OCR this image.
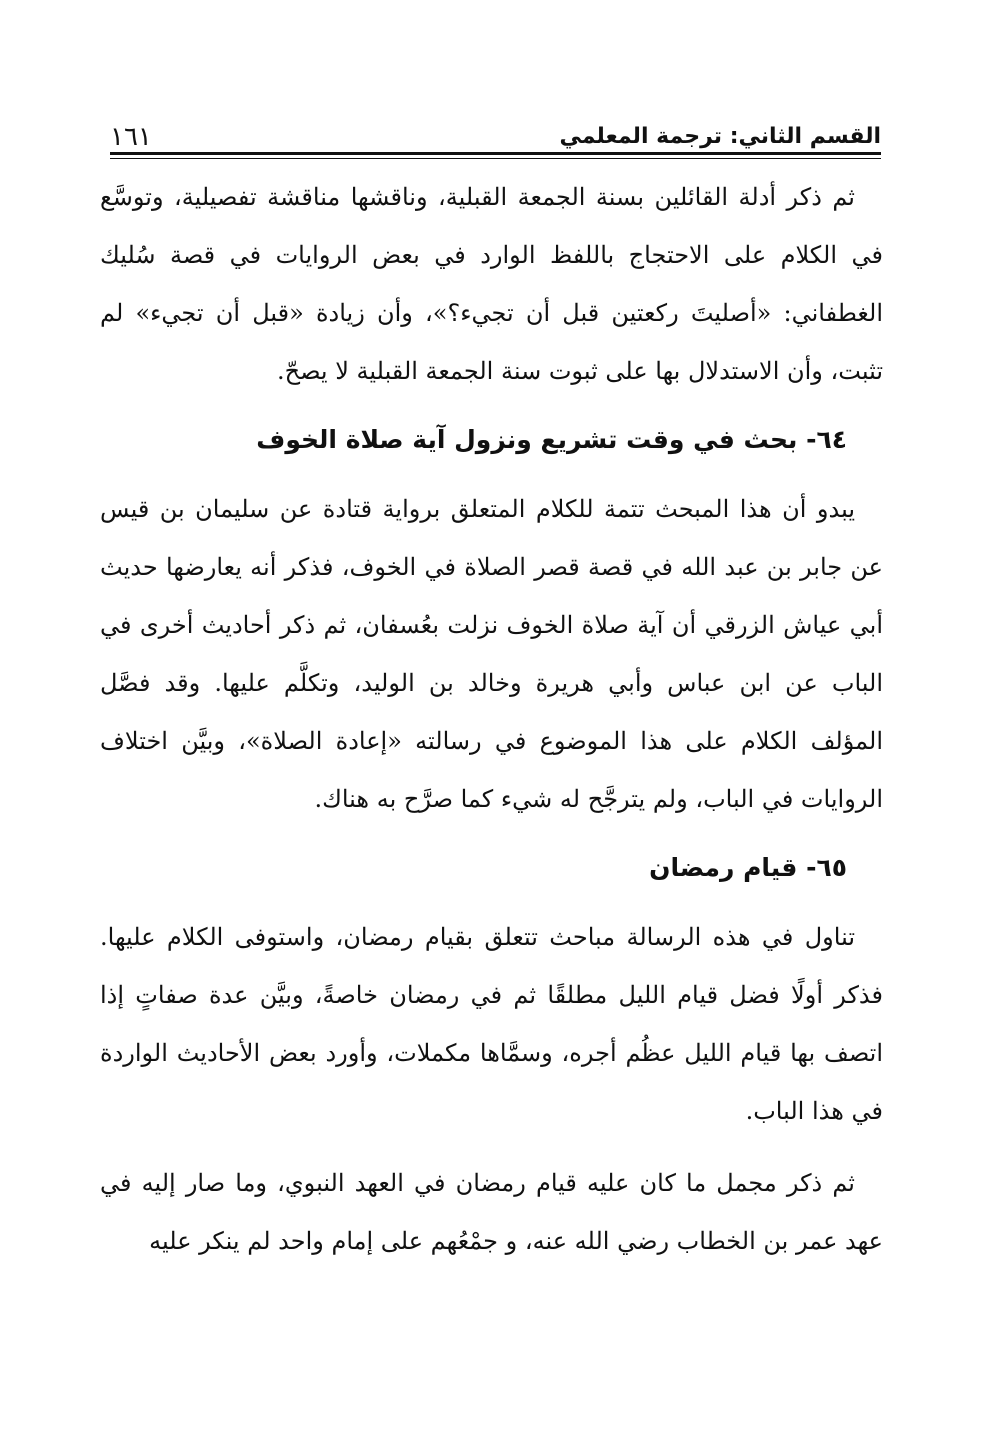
القسم الثاني: ترجمة المعلمي
١٦١

ثم ذكر أدلة القائلين بسنة الجمعة القبلية، وناقشها مناقشة تفصيلية، وتوسَّع في الكلام على الاحتجاج باللفظ الوارد في بعض الروايات في قصة سُليك الغطفاني: «أصليتَ ركعتين قبل أن تجيء؟»، وأن زيادة «قبل أن تجيء» لم تثبت، وأن الاستدلال بها على ثبوت سنة الجمعة القبلية لا يصحّ.

٦٤- بحث في وقت تشريع ونزول آية صلاة الخوف

يبدو أن هذا المبحث تتمة للكلام المتعلق برواية قتادة عن سليمان بن قيس عن جابر بن عبد الله في قصة قصر الصلاة في الخوف، فذكر أنه يعارضها حديث أبي عياش الزرقي أن آية صلاة الخوف نزلت بعُسفان، ثم ذكر أحاديث أخرى في الباب عن ابن عباس وأبي هريرة وخالد بن الوليد، وتكلَّم عليها. وقد فصَّل المؤلف الكلام على هذا الموضوع في رسالته «إعادة الصلاة»، وبيَّن اختلاف الروايات في الباب، ولم يترجَّح له شيء كما صرَّح به هناك.

٦٥- قيام رمضان

تناول في هذه الرسالة مباحث تتعلق بقيام رمضان، واستوفى الكلام عليها. فذكر أولًا فضل قيام الليل مطلقًا ثم في رمضان خاصةً، وبيَّن عدة صفاتٍ إذا اتصف بها قيام الليل عظُم أجره، وسمَّاها مكملات، وأورد بعض الأحاديث الواردة في هذا الباب.

ثم ذكر مجمل ما كان عليه قيام رمضان في العهد النبوي، وما صار إليه في عهد عمر بن الخطاب رضي الله عنه، و جمْعُهم على إمام واحد لم ينكر عليه
